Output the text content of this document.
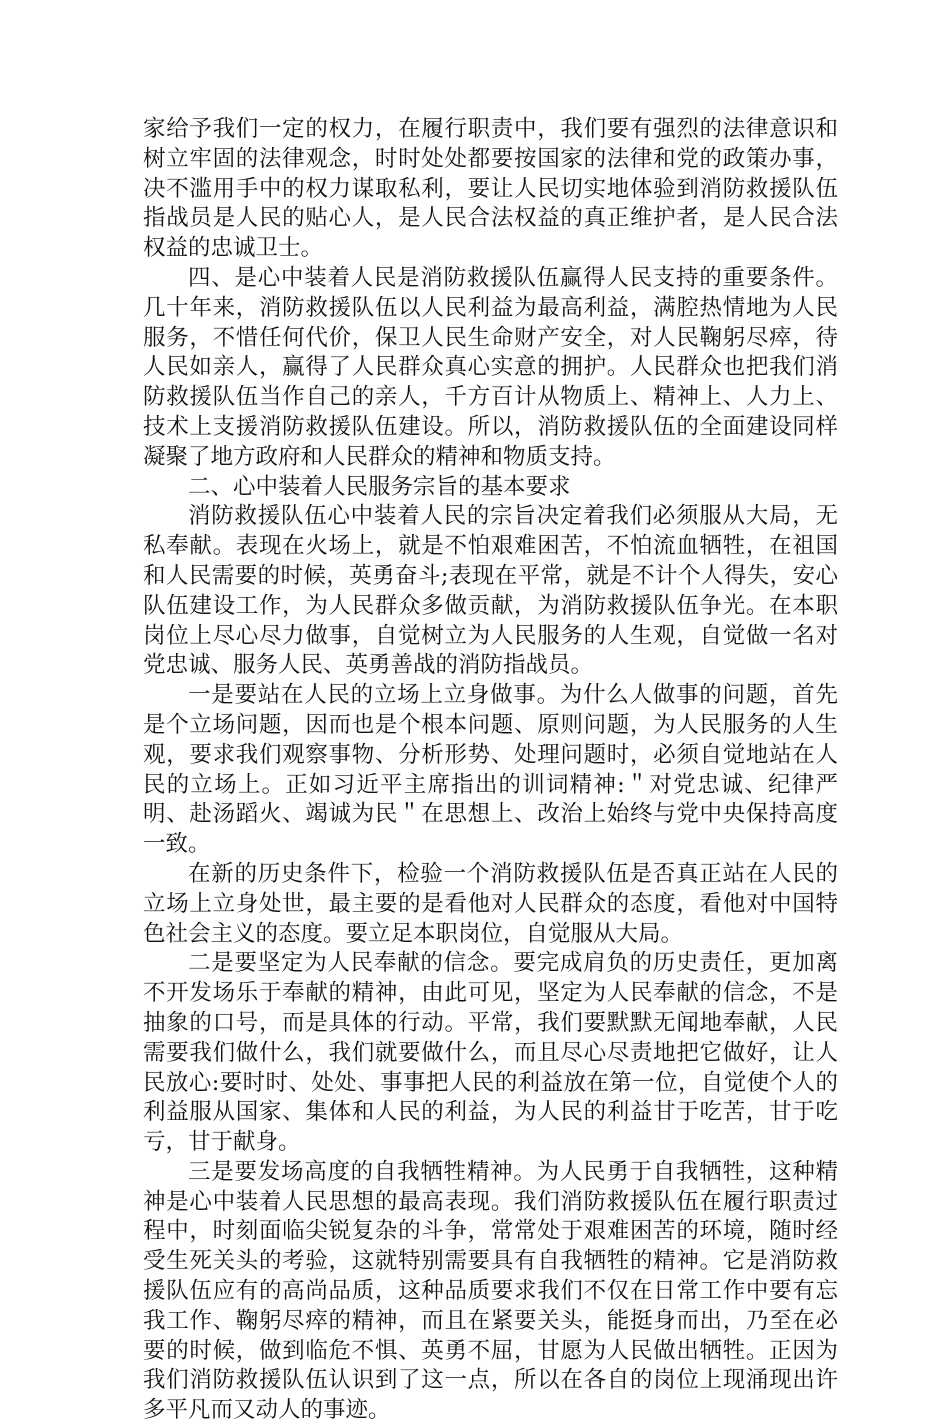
家给予我们一定的权力，在履行职责中，我们要有强烈的法律意识和树立牢固的法律观念，时时处处都要按国家的法律和党的政策办事，决不滥用手中的权力谋取私利，要让人民切实地体验到消防救援队伍指战员是人民的贴心人，是人民合法权益的真正维护者，是人民合法权益的忠诚卫士。

四、是心中装着人民是消防救援队伍赢得人民支持的重要条件。几十年来，消防救援队伍以人民利益为最高利益，满腔热情地为人民服务，不惜任何代价，保卫人民生命财产安全，对人民鞠躬尽瘁，待人民如亲人，赢得了人民群众真心实意的拥护。人民群众也把我们消防救援队伍当作自己的亲人，千方百计从物质上、精神上、人力上、技术上支援消防救援队伍建设。所以，消防救援队伍的全面建设同样凝聚了地方政府和人民群众的精神和物质支持。

二、心中装着人民服务宗旨的基本要求

消防救援队伍心中装着人民的宗旨决定着我们必须服从大局，无私奉献。表现在火场上，就是不怕艰难困苦，不怕流血牺牲，在祖国和人民需要的时候，英勇奋斗;表现在平常，就是不计个人得失，安心队伍建设工作，为人民群众多做贡献，为消防救援队伍争光。在本职岗位上尽心尽力做事，自觉树立为人民服务的人生观，自觉做一名对党忠诚、服务人民、英勇善战的消防指战员。

一是要站在人民的立场上立身做事。为什么人做事的问题，首先是个立场问题，因而也是个根本问题、原则问题，为人民服务的人生观，要求我们观察事物、分析形势、处理问题时，必须自觉地站在人民的立场上。正如习近平主席指出的训词精神:＂对党忠诚、纪律严明、赴汤蹈火、竭诚为民＂在思想上、改治上始终与党中央保持高度一致。

在新的历史条件下，检验一个消防救援队伍是否真正站在人民的立场上立身处世，最主要的是看他对人民群众的态度，看他对中国特色社会主义的态度。要立足本职岗位，自觉服从大局。

二是要坚定为人民奉献的信念。要完成肩负的历史责任，更加离不开发场乐于奉献的精神，由此可见，坚定为人民奉献的信念，不是抽象的口号，而是具体的行动。平常，我们要默默无闻地奉献，人民需要我们做什么，我们就要做什么，而且尽心尽责地把它做好，让人民放心:要时时、处处、事事把人民的利益放在第一位，自觉使个人的利益服从国家、集体和人民的利益，为人民的利益甘于吃苦，甘于吃亏，甘于献身。

三是要发场高度的自我牺牲精神。为人民勇于自我牺牲，这种精神是心中装着人民思想的最高表现。我们消防救援队伍在履行职责过程中，时刻面临尖锐复杂的斗争，常常处于艰难困苦的环境，随时经受生死关头的考验，这就特别需要具有自我牺牲的精神。它是消防救援队伍应有的高尚品质，这种品质要求我们不仅在日常工作中要有忘我工作、鞠躬尽瘁的精神，而且在紧要关头，能挺身而出，乃至在必要的时候，做到临危不惧、英勇不屈，甘愿为人民做出牺牲。正因为我们消防救援队伍认识到了这一点，所以在各自的岗位上现涌现出许多平凡而又动人的事迹。
